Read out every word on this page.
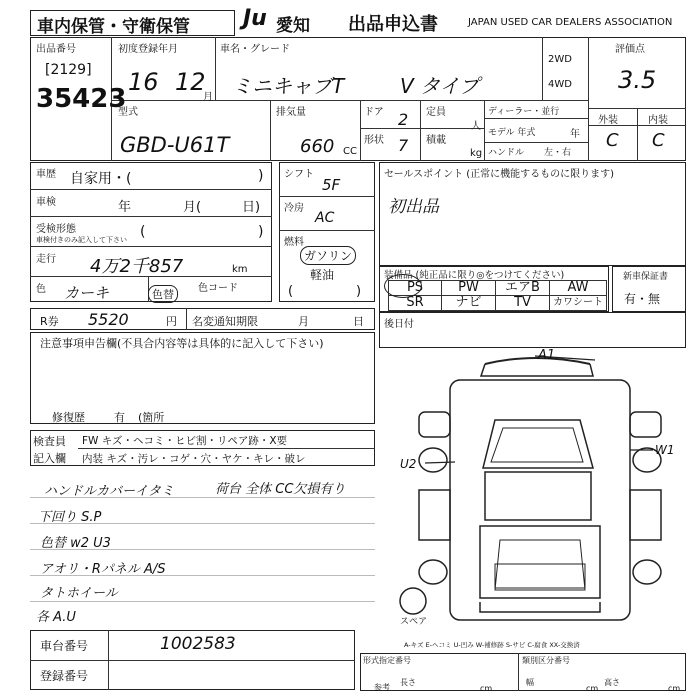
車内保管・守衛保管 Ju 愛知 出品申込書	JAPAN USED CAR DEALERS ASSOCIATION
出品番号
[2129]
35423
初度登録年月
16 12
月
車名・グレード
ミニキャブT	V タイプ
2WD
4WD
評価点
3.5
外装	内装
C C
型式
GBD-U61T
排気量
660 CC
ドア 2
形状 7
定員
人
積載
kg
ディーラー・並行
モデル 年式	年
ハンドル 左・右
車歴 自家用・(	)
車検	年	月(	日)
受検形態
車検付きのみ記入して下さい (	)
走行 4万2千857	km
色 カーキ	色替	色コード
シフト
5F
冷房
AC
燃料
ガソリン
軽油
(	)
セールスポイント (正常に機能するものに限ります)
初出品
装備品 (純正品に限り◎をつけてください)
PS	PW	エアB	AW
SR	ナビ	TV	カワシート
新車保証書
有・無
R券 5520	円 名変通知期限	月	日 後日付
注意事項申告欄(不具合内容等は具体的に記入して下さい)
修復歴	有 (箇所
検査員
記入欄
FW キズ・ヘコミ・ヒビ割・リペア跡・X要
内装 キズ・汚レ・コゲ・穴・ヤケ・キレ・破レ
ハンドルカバーイタミ	荷台 全体 CC欠損有り
下回り S.P
色替 w2 U3
アオリ・Rパネル A/S
タトホイール
各 A.U
A1
U2
W1
スペア
A-キズ E-ヘコミ U-凹み W-補修跡 S-サビ C-腐食 XX-交換済
車台番号	1002583
登録番号
形式指定番号	類別区分番号
参考
長さ
cm
幅
cm
高さ
cm
